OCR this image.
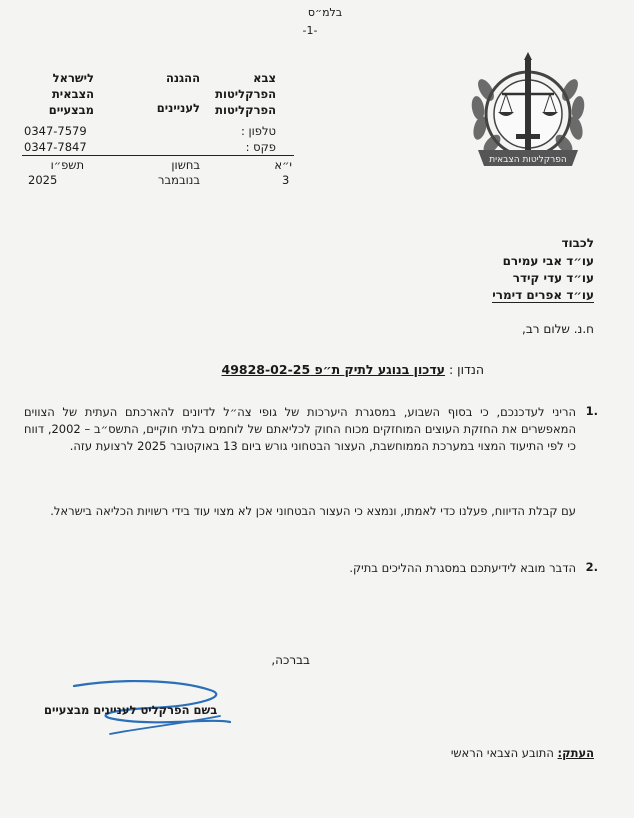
בלמ״ס
-1-
הפרקליטות הצבאית
צבא
הפרקליטות
הפרקליטות
ההגנה
לעניינים
לישראל
הצבאית
מבצעיים
טלפון :
0347-7579
פקס :
0347-7847
י״א
בחשון
תשפ״ו
3
בנובמבר
2025
לכבוד
עו״ד אבי עמירם
עו״ד עדי קידר
עו״ד אפרים דימרי
ח.נ. שלום רב,
הנדון : עדכון בנוגע לתיק ת״פ 49828-02-25
1.
הריני לעדכנכם, כי בסוף השבוע, במסגרת היערכות של גופי צה״ל לדיונים להארכתם העתית של הצווים המאפשרים את החזקת העוצים המוחזקים מכוח החוק לכליאתם של לוחמים בלתי חוקיים, התשס״ב – 2002, דווח כי לפי התיעוד המצוי במערכת הממוחשבת, העצור הבטחוני גורש ביום 13 באוקטובר 2025 לרצועת עזה.
עם קבלת הדיווח, פעלנו כדי לאמתו, ונמצא כי העצור הבטחוני אכן לא מצוי עוד בידי רשויות הכליאה בישראל.
2.
הדבר מובא לידיעתכם במסגרת ההליכים בתיק.
בברכה,
בשם הפרקליט לעניינים מבצעיים
העתק: התובע הצבאי הראשי
